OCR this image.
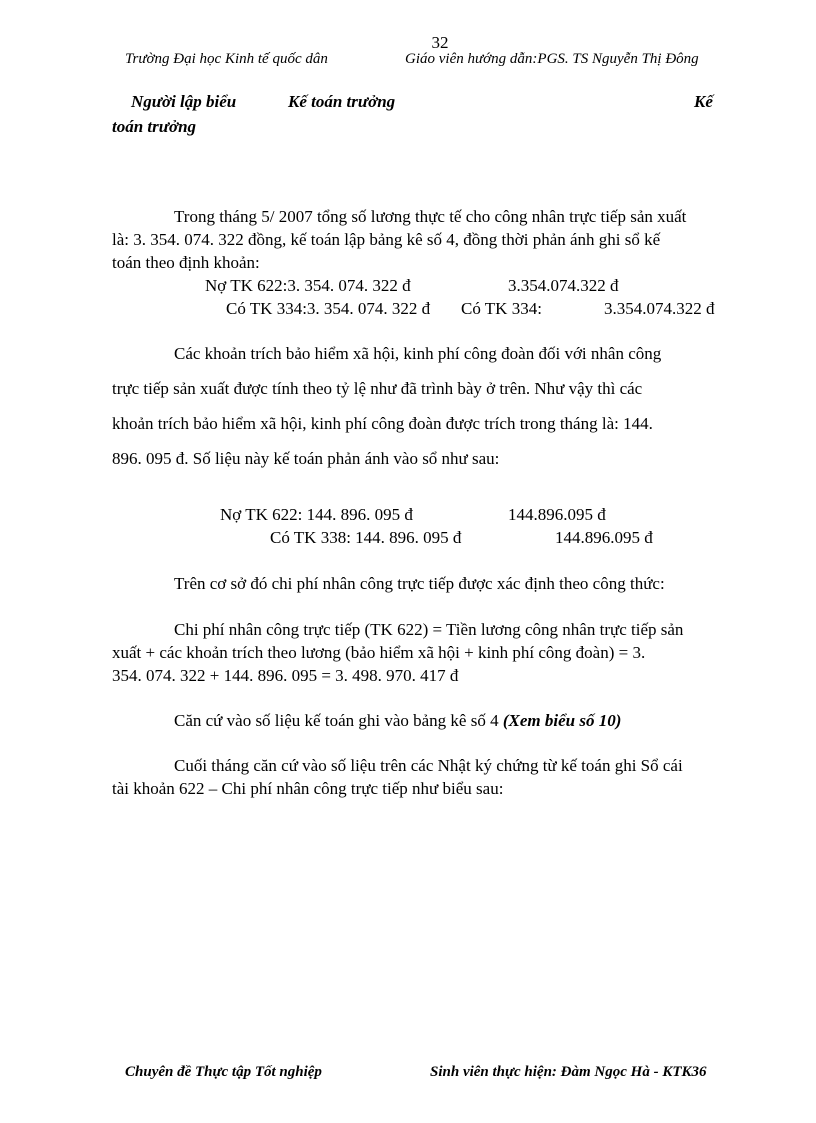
32
Trường Đại học Kinh tế quốc dân	Giáo viên hướng dẫn:PGS. TS Nguyễn Thị Đông
Người lập biểu	Kế toán trưởng	Kế
toán trưởng
Trong tháng 5/ 2007 tổng số lương thực tế cho công nhân trực tiếp sản xuất
là: 3. 354. 074. 322 đồng, kế toán lập bảng kê số 4, đồng thời phản ánh ghi sổ kế
toán theo định khoản:
Nợ TK 622:3. 354. 074. 322 đ	3.354.074.322 đ
Có TK 334:3. 354. 074. 322 đ Có TK 334:	3.354.074.322 đ
Các khoản trích bảo hiểm xã hội, kinh phí công đoàn đối với nhân công
trực tiếp sản xuất được tính theo tỷ lệ như đã trình bày ở trên. Như vậy thì các
khoản trích bảo hiểm xã hội, kinh phí công đoàn được trích trong tháng là: 144.
896. 095 đ. Số liệu này kế toán phản ánh vào sổ như sau:
Nợ TK 622: 144. 896. 095 đ	144.896.095 đ
Có TK 338: 144. 896. 095 đ	144.896.095 đ
Trên cơ sở đó chi phí nhân công trực tiếp được xác định theo công thức:
Chi phí nhân công trực tiếp (TK 622) = Tiền lương công nhân trực tiếp sản
xuất + các khoản trích theo lương (bảo hiểm xã hội + kinh phí công đoàn) = 3.
354. 074. 322 + 144. 896. 095 = 3. 498. 970. 417 đ
Căn cứ vào số liệu kế toán ghi vào bảng kê số 4 (Xem biểu số 10)
Cuối tháng căn cứ vào số liệu trên các Nhật ký chứng từ kế toán ghi Sổ cái
tài khoản 622 – Chi phí nhân công trực tiếp như biểu sau:
Chuyên đề Thực tập Tốt nghiệp	Sinh viên thực hiện: Đàm Ngọc Hà - KTK36
